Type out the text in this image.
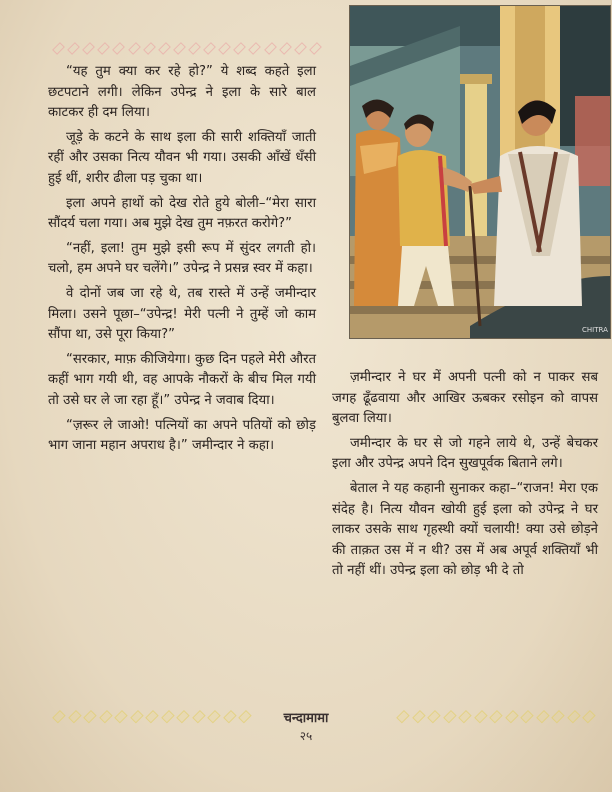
CHITRA

“यह तुम क्या कर रहे हो?” ये शब्द कहते इला छटपटाने लगी। लेकिन उपेन्द्र ने इला के सारे बाल काटकर ही दम लिया।

जूड़े के कटने के साथ इला की सारी शक्तियाँ जाती रहीं और उसका नित्य यौवन भी गया। उसकी आँखें धँसी हुई थीं, शरीर ढीला पड़ चुका था।

इला अपने हाथों को देख रोते हुये बोली–“मेरा सारा सौंदर्य चला गया। अब मुझे देख तुम नफ़रत करोगे?”

“नहीं, इला! तुम मुझे इसी रूप में सुंदर लगती हो। चलो, हम अपने घर चलेंगे।” उपेन्द्र ने प्रसन्न स्वर में कहा।

वे दोनों जब जा रहे थे, तब रास्ते में उन्हें जमीन्दार मिला। उसने पूछा–“उपेन्द्र! मेरी पत्नी ने तुम्हें जो काम सौंपा था, उसे पूरा किया?”

“सरकार, माफ़ कीजियेगा। कुछ दिन पहले मेरी औरत कहीं भाग गयी थी, वह आपके नौकरों के बीच मिल गयी तो उसे घर ले जा रहा हूँ।” उपेन्द्र ने जवाब दिया।

“ज़रूर ले जाओ! पत्नियों का अपने पतियों को छोड़ भाग जाना महान अपराध है।” जमीन्दार ने कहा।

ज़मीन्दार ने घर में अपनी पत्नी को न पाकर सब जगह ढूँढवाया और आखिर ऊबकर रसोइन को वापस बुलवा लिया।

जमीन्दार के घर से जो गहने लाये थे, उन्हें बेचकर इला और उपेन्द्र अपने दिन सुखपूर्वक बिताने लगे।

बेताल ने यह कहानी सुनाकर कहा–“राजन! मेरा एक संदेह है। नित्य यौवन खोयी हुई इला को उपेन्द्र ने घर लाकर उसके साथ गृहस्थी क्यों चलायी! क्या उसे छोड़ने की ताक़त उस में न थी? उस में अब अपूर्व शक्तियाँ भी तो नहीं थीं। उपेन्द्र इला को छोड़ भी दे तो

चन्दामामा
२५
